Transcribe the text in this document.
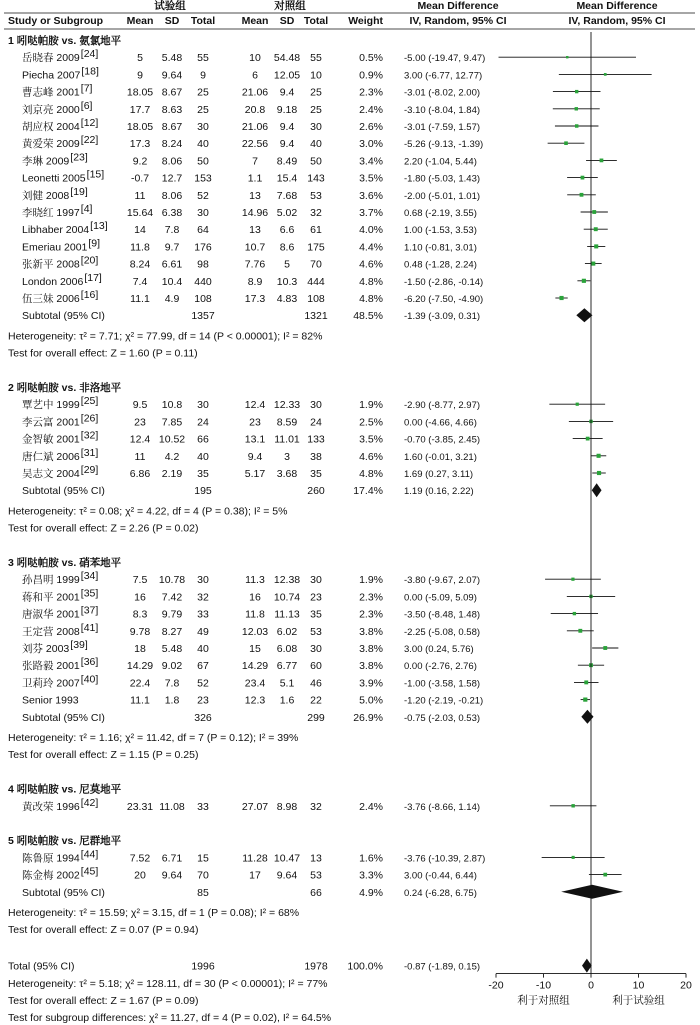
Study or Subgroup
试验组	对照组
Mean SD Total	Mean SD Total Weight
Mean Difference
IV, Random, 95% CI
Mean Difference
IV, Random, 95% CI
1 吲哒帕胺 vs. 氨氯地平
岳晓春 2009 [24]	5 5.48 55	10 54.48 55	0.5% -5.00 (-19.47, 9.47)
Piecha 2007 [18]	9 9.64 9	6 12.05 10	0.9% 3.00 (-6.77, 12.77)
曹志峰 2001 [7]	18.05 8.67 25	21.06 9.4 25	2.3% -3.01 (-8.02, 2.00)
刘京亮 2000 [6]	17.7 8.63 25	20.8 9.18 25	2.4% -3.10 (-8.04, 1.84)
胡应权 2004 [12]	18.05 8.67 30	21.06 9.4 30	2.6% -3.01 (-7.59, 1.57)
黄爱荣 2009 [22]	17.3 8.24 40	22.56 9.4 40	3.0% -5.26 (-9.13, -1.39)
李琳 2009 [23]	9.2 8.06 50	7 8.49 50	3.4% 2.20 (-1.04, 5.44)
Leonetti 2005 [15]	-0.7 12.7 153	1.1 15.4 143	3.5% -1.80 (-5.03, 1.43)
刘健 2008 [19]	11 8.06 52	13 7.68 53	3.6% -2.00 (-5.01, 1.01)
李晓红 1997 [4]	15.64 6.38 30	14.96 5.02 32	3.7% 0.68 (-2.19, 3.55)
Libhaber 2004 [13]	14 7.8 64	13 6.6 61	4.0% 1.00 (-1.53, 3.53)
Emeriau 2001 [9]	11.8 9.7 176	10.7 8.6 175	4.4% 1.10 (-0.81, 3.01)
张新平 2008 [20]	8.24 6.61 98	7.76 5 70	4.6% 0.48 (-1.28, 2.24)
London 2006 [17]	7.4 10.4 440	8.9 10.3 444	4.8% -1.50 (-2.86, -0.14)
伍三妹 2006 [16]	11.1 4.9 108	17.3 4.83 108	4.8% -6.20 (-7.50, -4.90)
Subtotal (95% CI)	1357	1321 48.5% -1.39 (-3.09, 0.31)
Heterogeneity: τ² = 7.71; χ² = 77.99, df = 14 (P < 0.00001); I² = 82%
Test for overall effect: Z = 1.60 (P = 0.11)
2 吲哒帕胺 vs. 非洛地平
覃艺中 1999 [25]	9.5 10.8 30	12.4 12.33 30	1.9% -2.90 (-8.77, 2.97)
李云富 2001 [26]	23 7.85 24	23 8.59 24	2.5% 0.00 (-4.66, 4.66)
金智敏 2001 [32]	12.4 10.52 66	13.1 11.01 133	3.5% -0.70 (-3.85, 2.45)
唐仁斌 2006 [31]	11 4.2 40	9.4 3 38	4.6% 1.60 (-0.01, 3.21)
吴志文 2004 [29]	6.86 2.19 35	5.17 3.68 35	4.8% 1.69 (0.27, 3.11)
Subtotal (95% CI)	195	260	17.4% 1.19 (0.16, 2.22)
Heterogeneity: τ² = 0.08; χ² = 4.22, df = 4 (P = 0.38); I² = 5%
Test for overall effect: Z = 2.26 (P = 0.02)
3 吲哒帕胺 vs. 硝苯地平
孙昌明 1999 [34]	7.5 10.78 30	11.3 12.38 30	1.9% -3.80 (-9.67, 2.07)
蒋和平 2001 [35]	16 7.42 32	16 10.74 23	2.3% 0.00 (-5.09, 5.09)
唐淑华 2001 [37]	8.3 9.79 33	11.8 11.13 35	2.3% -3.50 (-8.48, 1.48)
王定营 2008 [41]	9.78 8.27 49	12.03 6.02 53	3.8% -2.25 (-5.08, 0.58)
刘芬 2003 [39]	18 5.48 40	15 6.08 30	3.8% 3.00 (0.24, 5.76)
张路毅 2001 [36]	14.29 9.02 67	14.29 6.77 60	3.8% 0.00 (-2.76, 2.76)
卫莉玲 2007 [40]	22.4 7.8 52	23.4 5.1 46	3.9% -1.00 (-3.58, 1.58)
Senior 1993	11.1 1.8 23	12.3 1.6 22	5.0% -1.20 (-2.19, -0.21)
Subtotal (95% CI)	326	299	26.9% -0.75 (-2.03, 0.53)
Heterogeneity: τ² = 1.16; χ² = 11.42, df = 7 (P = 0.12); I² = 39%
Test for overall effect: Z = 1.15 (P = 0.25)
4 吲哒帕胺 vs. 尼莫地平
黄改荣 1996 [42]	23.31 11.08 33	27.07 8.98 32	2.4% -3.76 (-8.66, 1.14)
5 吲哒帕胺 vs. 尼群地平
陈鲁原 1994 [44]	7.52 6.71 15	11.28 10.47 13	1.6% -3.76 (-10.39, 2.87)
陈金梅 2002 [45]	20 9.64 70	17 9.64 53	3.3% 3.00 (-0.44, 6.44)
Subtotal (95% CI)	85	66	4.9% 0.24 (-6.28, 6.75)
Heterogeneity: τ² = 15.59; χ² = 3.15, df = 1 (P = 0.08); I² = 68%
Test for overall effect: Z = 0.07 (P = 0.94)
Total (95% CI)	1996	1978 100.0% -0.87 (-1.89, 0.15)
Heterogeneity: τ² = 5.18; χ² = 128.11, df = 30 (P < 0.00001); I² = 77%
Test for overall effect: Z = 1.67 (P = 0.09)
Test for subgroup differences: χ² = 11.27, df = 4 (P = 0.02), I² = 64.5%
-20	-10	0	10	20
利于对照组	利于试验组
